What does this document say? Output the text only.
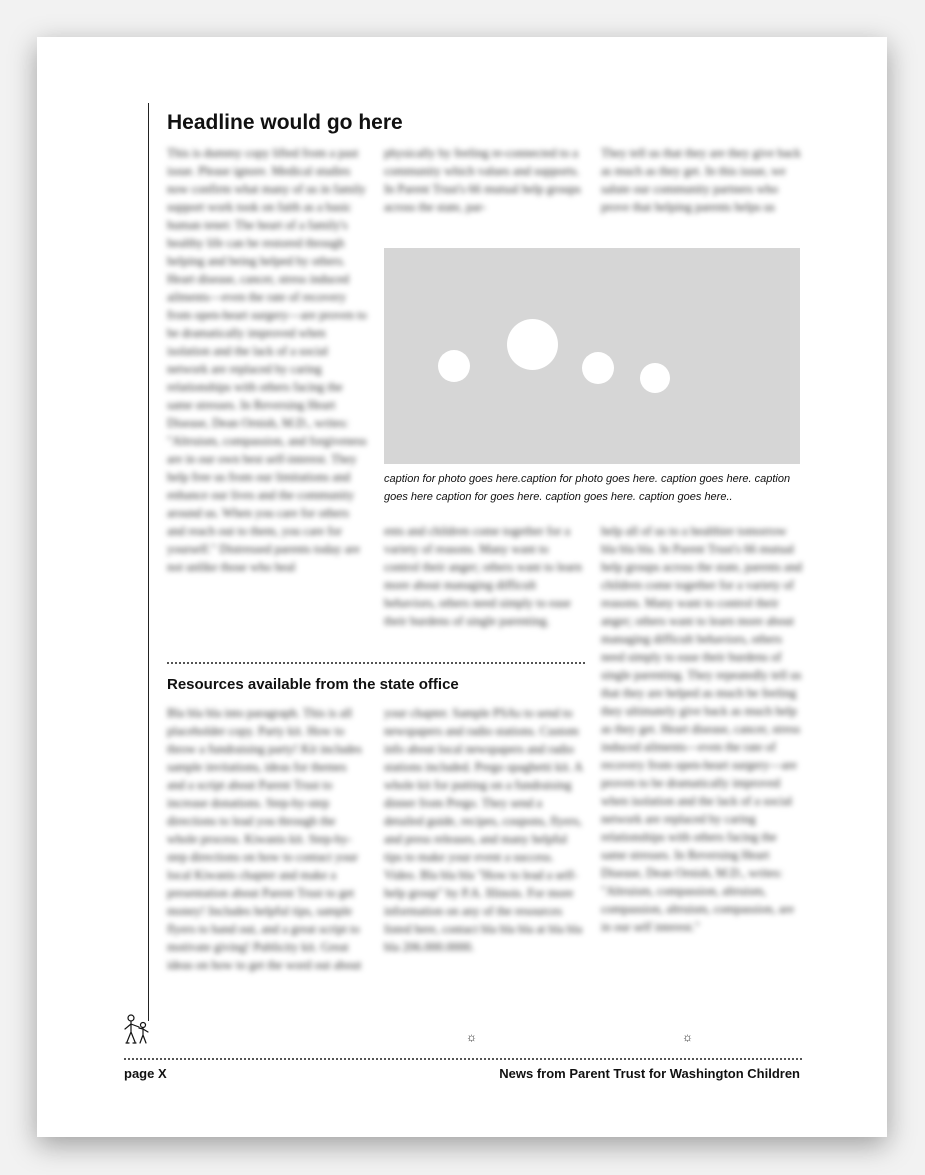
Headline would go here

This is dummy copy lifted from a past issue. Please ignore. Medical studies now confirm what many of us in family support work took on faith as a basic human tenet: The heart of a family's healthy life can be restored through helping and being helped by others. Heart disease, cancer, stress induced ailments—even the rate of recovery from open-heart surgery—are proven to be dramatically improved when isolation and the lack of a social network are replaced by caring relationships with others facing the same stresses. In Reversing Heart Disease, Dean Ornish, M.D., writes: "Altruism, compassion, and forgiveness are in our own best self-interest. They help free us from our limitations and enhance our lives and the community around us. When you care for others and reach out to them, you care for yourself." Distressed parents today are not unlike those who heal

physically by feeling re-connected to a community which values and supports. In Parent Trust's 66 mutual help groups across the state, par-

They tell us that they are they give back as much as they get. In this issue, we salute our community partners who prove that helping parents helps us

caption for photo goes here.caption for photo goes here. caption goes here. caption goes here caption for goes here. caption goes here. caption goes here..

ents and children come together for a variety of reasons. Many want to control their anger; others want to learn more about managing difficult behaviors, others need simply to ease their burdens of single parenting.

help all of us to a healthier tomorrow bla bla bla. In Parent Trust's 66 mutual help groups across the state, parents and children come together for a variety of reasons. Many want to control their anger; others want to learn more about managing difficult behaviors, others need simply to ease their burdens of single parenting. They repeatedly tell us that they are helped as much be feeling they ultimately give back as much help as they get. Heart disease, cancer, stress induced ailments—even the rate of recovery from open-heart surgery—are proven to be dramatically improved when isolation and the lack of a social network are replaced by caring relationships with others facing the same stresses. In Reversing Heart Disease, Dean Ornish, M.D., writes: "Altruism, compassion, altruism, compassion, altruism, compassion, are in our self interest."

☼
Resources available from the state office

Bla bla bla into paragraph. This is all placeholder copy. Party kit. How to throw a fundraising party! Kit includes sample invitations, ideas for themes and a script about Parent Trust to increase donations. Step-by-step directions to lead you through the whole process. Kiwanis kit. Step-by-step directions on how to contact your local Kiwanis chapter and make a presentation about Parent Trust to get money! Includes helpful tips, sample flyers to hand out, and a great script to motivate giving! Publicity kit. Great ideas on how to get the word out about

your chapter. Sample PSAs to send to newspapers and radio stations. Custom info about local newspapers and radio stations included. Prego spaghetti kit. A whole kit for putting on a fundraising dinner from Prego. They send a detailed guide, recipes, coupons, flyers, and press releases, and many helpful tips to make your event a success. Video. Bla bla bla "How to lead a self-help group" by P.A. Illinois. For more information on any of the resources listed here, contact bla bla bla at bla bla bla 206.000.0000.

☼
page X	News from Parent Trust for Washington Children
